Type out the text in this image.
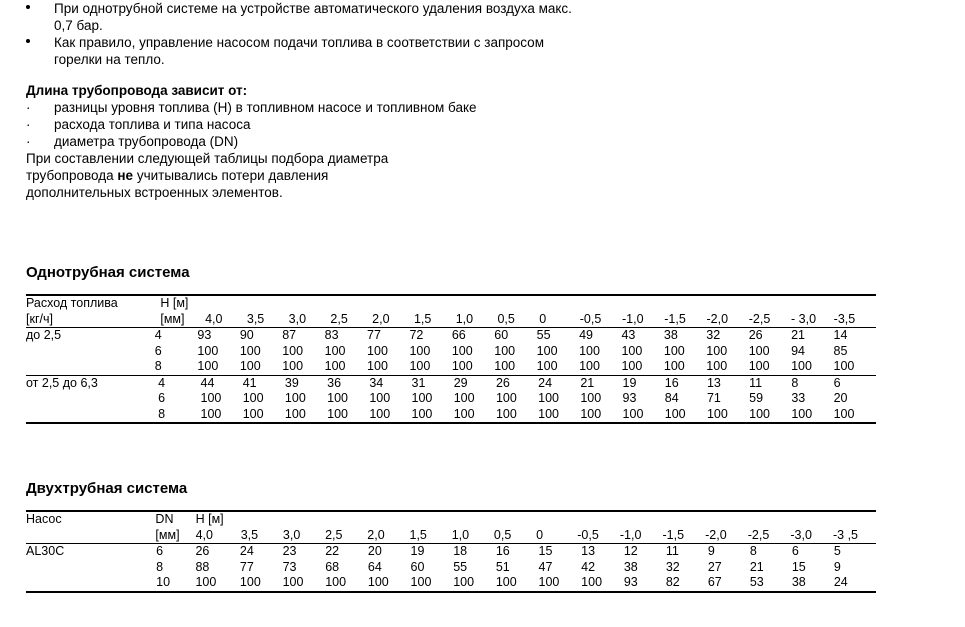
При однотрубной системе на устройстве автоматического удаления воздуха макс. 0,7 бар.
Как правило, управление насосом подачи топлива в соответствии с запросом горелки на тепло.
Длина трубопровода зависит от:
· разницы уровня топлива (Н) в топливном насосе и топливном баке
· расхода топлива и типа насоса
· диаметра трубопровода (DN)
При составлении следующей таблицы подбора диаметра
трубопровода не учитывались потери давления
дополнительных встроенных элементов.
Однотрубная система
Расход топлива	Н [м]																
[кг/ч]	[мм]	4,0	3,5	3,0	2,5	2,0	1,5	1,0	0,5	0	-0,5	-1,0	-1,5	-2,0	-2,5	- 3,0	-3,5
до 2,5	4	93	90	87	83	77	72	66	60	55	49	43	38	32	26	21	14
	6	100	100	100	100	100	100	100	100	100	100	100	100	100	100	94	85
	8	100	100	100	100	100	100	100	100	100	100	100	100	100	100	100	100
от 2,5 до 6,3	4	44	41	39	36	34	31	29	26	24	21	19	16	13	11	8	6
	6	100	100	100	100	100	100	100	100	100	100	93	84	71	59	33	20
	8	100	100	100	100	100	100	100	100	100	100	100	100	100	100	100	100
Двухтрубная система
Насос	DN	Н [м]															
	[мм]	4,0	3,5	3,0	2,5	2,0	1,5	1,0	0,5	0	-0,5	-1,0	-1,5	-2,0	-2,5	-3,0	-3 ,5
AL30C	6	26	24	23	22	20	19	18	16	15	13	12	11	9	8	6	5
	8	88	77	73	68	64	60	55	51	47	42	38	32	27	21	15	9
	10	100	100	100	100	100	100	100	100	100	100	93	82	67	53	38	24
